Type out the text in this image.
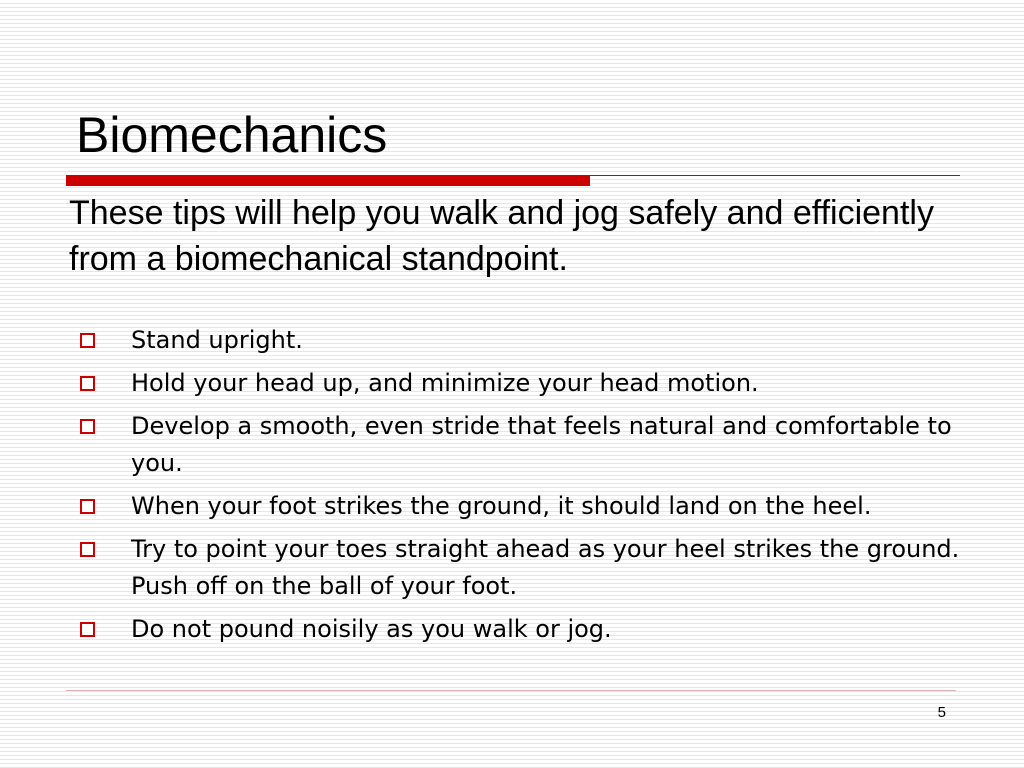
Biomechanics

These tips will help you walk and jog safely and efficiently from a biomechanical standpoint.

Stand upright.
Hold your head up, and minimize your head motion.
Develop a smooth, even stride that feels natural and comfortable to you.
When your foot strikes the ground, it should land on the heel.
Try to point your toes straight ahead as your heel strikes the ground. Push off on the ball of your foot.
Do not pound noisily as you walk or jog.
5
